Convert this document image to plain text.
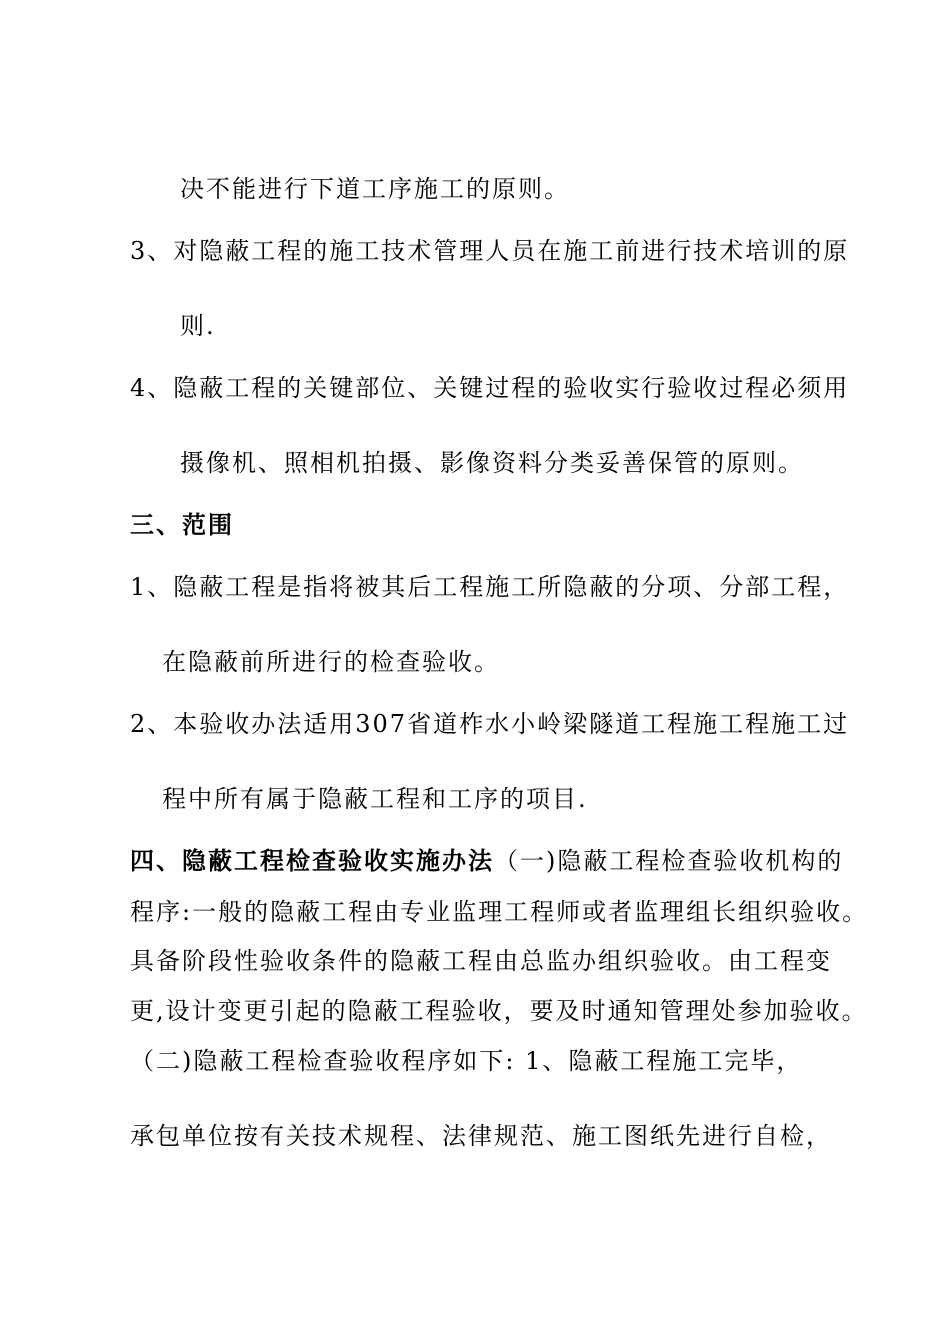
决不能进行下道工序施工的原则。
3、对隐蔽工程的施工技术管理人员在施工前进行技术培训的原
则.
4、隐蔽工程的关键部位、关键过程的验收实行验收过程必须用
摄像机、照相机拍摄、影像资料分类妥善保管的原则。
三、范围
1、隐蔽工程是指将被其后工程施工所隐蔽的分项、分部工程，
在隐蔽前所进行的检查验收。
2、本验收办法适用307省道柞水小岭梁隧道工程施工程施工过
程中所有属于隐蔽工程和工序的项目.
四、隐蔽工程检查验收实施办法（一)隐蔽工程检查验收机构的
程序:一般的隐蔽工程由专业监理工程师或者监理组长组织验收。
具备阶段性验收条件的隐蔽工程由总监办组织验收。由工程变
更,设计变更引起的隐蔽工程验收，要及时通知管理处参加验收。
（二)隐蔽工程检查验收程序如下: 1、隐蔽工程施工完毕，
承包单位按有关技术规程、法律规范、施工图纸先进行自检，
